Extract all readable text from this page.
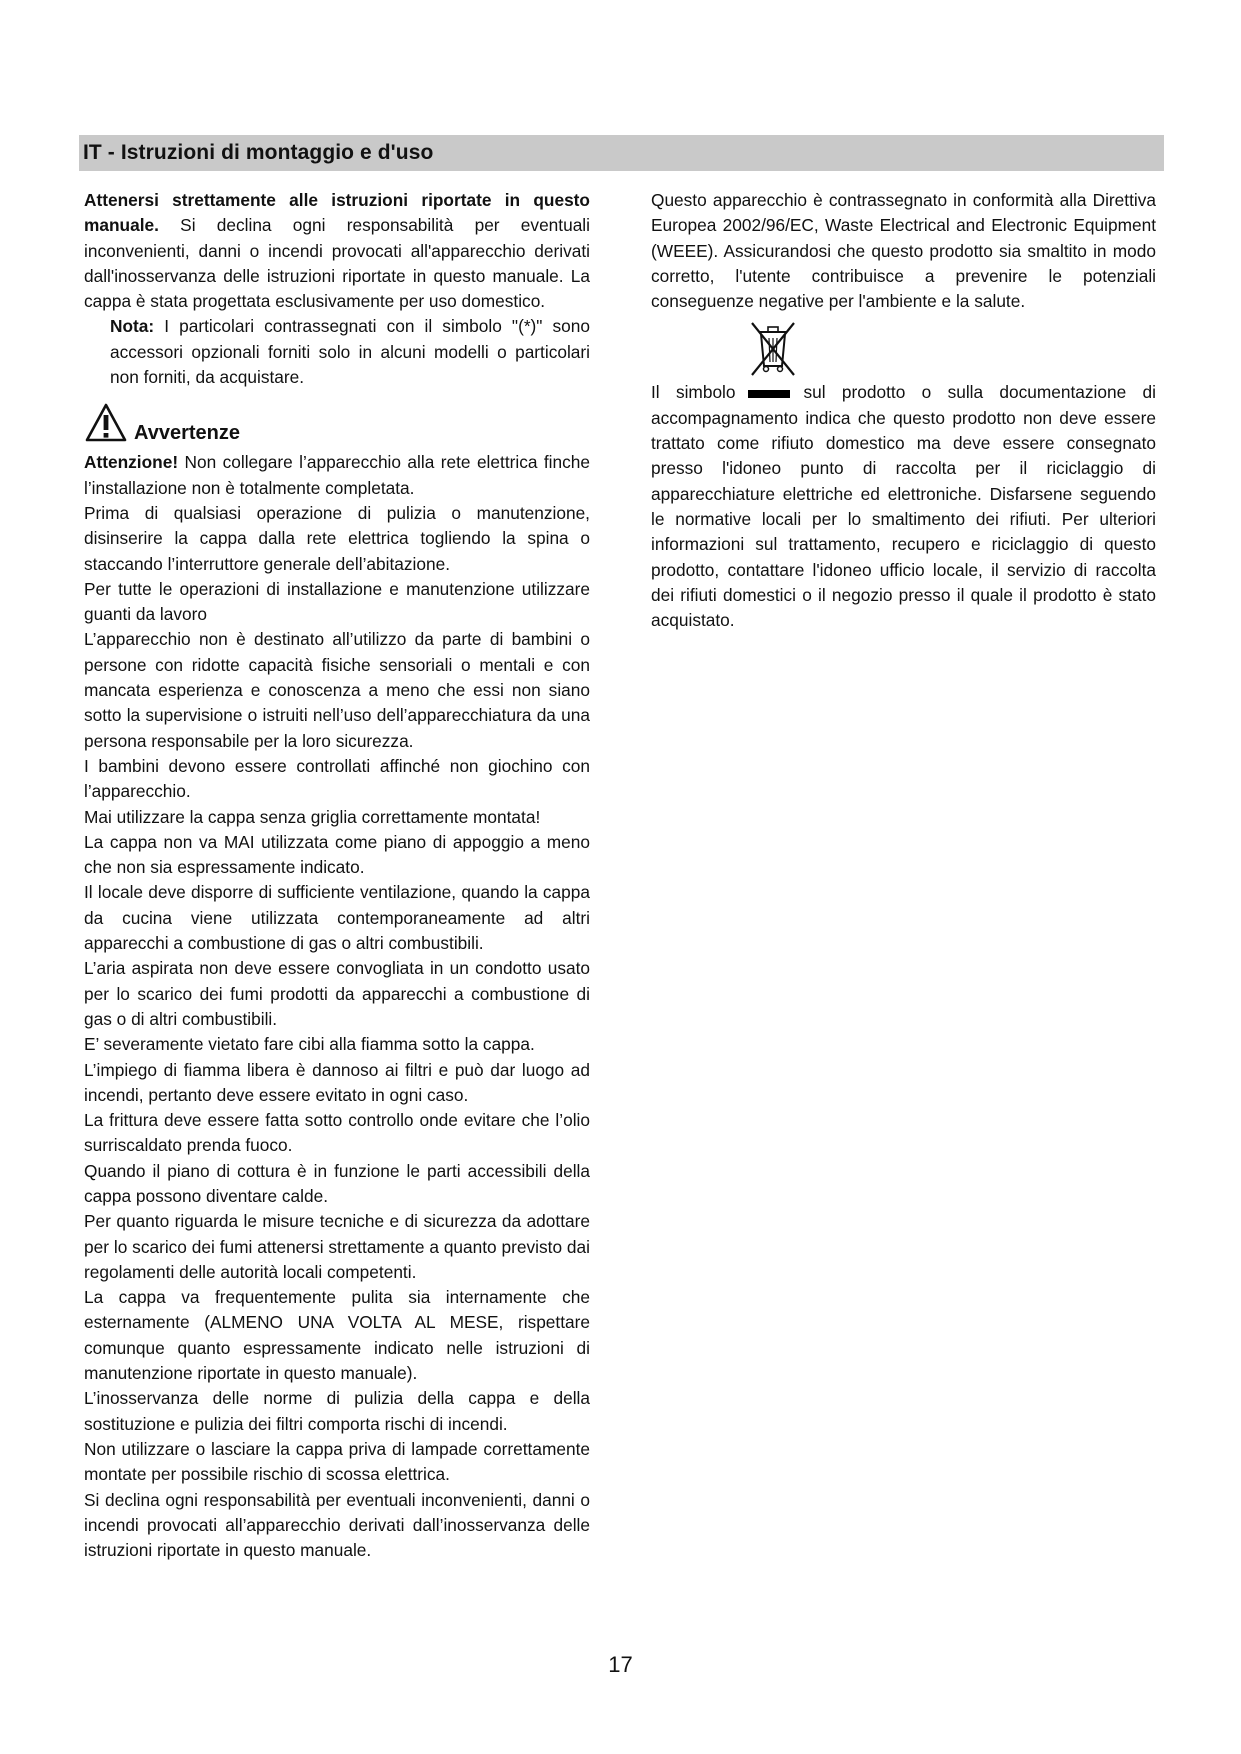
IT - Istruzioni di montaggio e d'uso

Attenersi strettamente alle istruzioni riportate in questo manuale. Si declina ogni responsabilità per eventuali inconvenienti, danni o incendi provocati all'apparecchio derivati dall'inosservanza delle istruzioni riportate in questo manuale. La cappa è stata progettata esclusivamente per uso domestico.

Nota: I particolari contrassegnati con il simbolo "(*)" sono accessori opzionali forniti solo in alcuni modelli o particolari non forniti, da acquistare.

Avvertenze

Attenzione! Non collegare l’apparecchio alla rete elettrica finche l’installazione non è totalmente completata.

Prima di qualsiasi operazione di pulizia o manutenzione, disinserire la cappa dalla rete elettrica togliendo la spina o staccando l’interruttore generale dell’abitazione.

Per tutte le operazioni di installazione e manutenzione utilizzare guanti da lavoro

L’apparecchio non è destinato all’utilizzo da parte di bambini o persone con ridotte capacità fisiche sensoriali o mentali e con mancata esperienza e conoscenza a meno che essi non siano sotto la supervisione o istruiti nell’uso dell’apparecchiatura da una persona responsabile per la loro sicurezza.

I bambini devono essere controllati affinché non giochino con l’apparecchio.

Mai utilizzare la cappa senza griglia correttamente montata!

La cappa non va MAI utilizzata come piano di appoggio a meno che non sia espressamente indicato.

Il locale deve disporre di sufficiente ventilazione, quando la cappa da cucina viene utilizzata contemporaneamente ad altri apparecchi a combustione di gas o altri combustibili.

L’aria aspirata non deve essere convogliata in un condotto usato per lo scarico dei fumi prodotti da apparecchi a combustione di gas o di altri combustibili.

E’ severamente vietato fare cibi alla fiamma sotto la cappa.

L’impiego di fiamma libera è dannoso ai filtri e può dar luogo ad incendi, pertanto deve essere evitato in ogni caso.

La frittura deve essere fatta sotto controllo onde evitare che l’olio surriscaldato prenda fuoco.

Quando il piano di cottura è in funzione le parti accessibili della cappa possono diventare calde.

Per quanto riguarda le misure tecniche e di sicurezza da adottare per lo scarico dei fumi attenersi strettamente a quanto previsto dai regolamenti delle autorità locali competenti.

La cappa va frequentemente pulita sia internamente che esternamente (ALMENO UNA VOLTA AL MESE, rispettare comunque quanto espressamente indicato nelle istruzioni di manutenzione riportate in questo manuale).

L’inosservanza delle norme di pulizia della cappa e della sostituzione e pulizia dei filtri comporta rischi di incendi.

Non utilizzare o lasciare la cappa priva di lampade correttamente montate per possibile rischio di scossa elettrica.

Si declina ogni responsabilità per eventuali inconvenienti, danni o incendi provocati all’apparecchio derivati dall’inosservanza delle istruzioni riportate in questo manuale.

Questo apparecchio è contrassegnato in conformità alla Direttiva Europea 2002/96/EC, Waste Electrical and Electronic Equipment (WEEE). Assicurandosi che questo prodotto sia smaltito in modo corretto, l'utente contribuisce a prevenire le potenziali conseguenze negative per l'ambiente e la salute.

Il simbolo	sul prodotto o sulla documentazione di accompagnamento indica che questo prodotto non deve essere trattato come rifiuto domestico ma deve essere consegnato presso l'idoneo punto di raccolta per il riciclaggio di apparecchiature elettriche ed elettroniche. Disfarsene seguendo le normative locali per lo smaltimento dei rifiuti. Per ulteriori informazioni sul trattamento, recupero e riciclaggio di questo prodotto, contattare l'idoneo ufficio locale, il servizio di raccolta dei rifiuti domestici o il negozio presso il quale il prodotto è stato acquistato.

17
